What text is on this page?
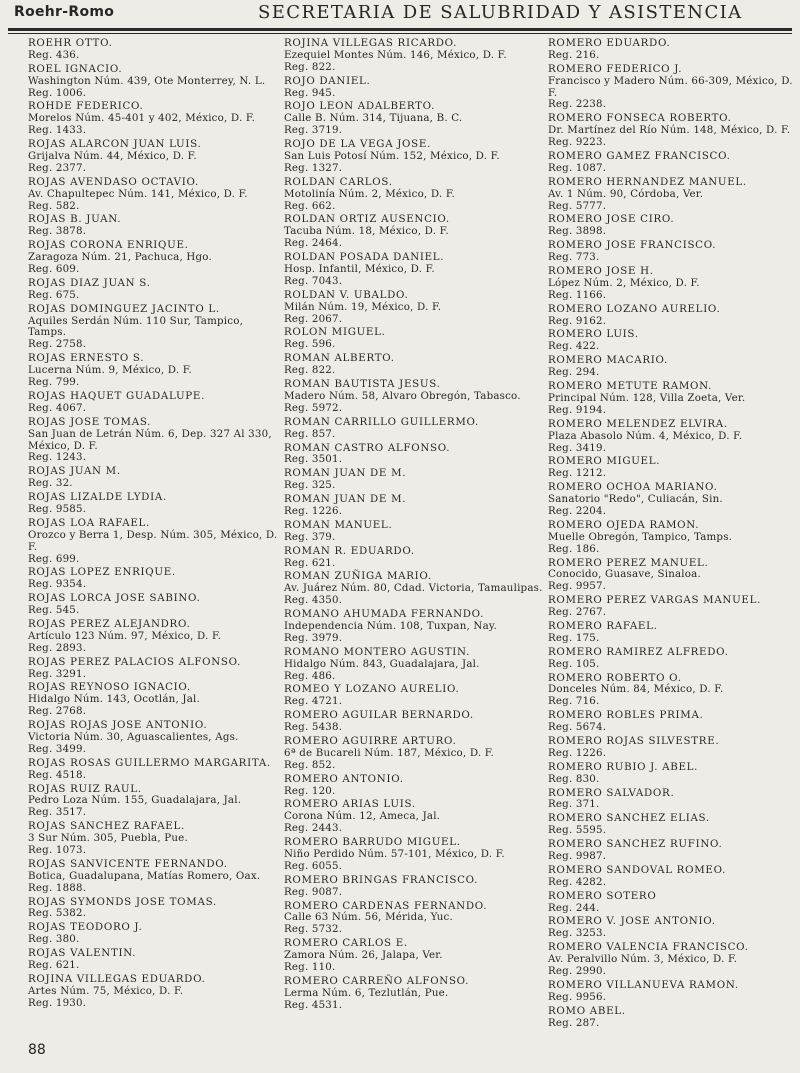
Roehr-Romo	SECRETARIA DE SALUBRIDAD Y ASISTENCIA
ROEHR OTTO.
Reg. 436.
ROEL IGNACIO.
Washington Núm. 439, Ote Monterrey, N. L.
Reg. 1006.
ROHDE FEDERICO.
Morelos Núm. 45-401 y 402, México, D. F.
Reg. 1433.
ROJAS ALARCON JUAN LUIS.
Grijalva Núm. 44, México, D. F.
Reg. 2377.
ROJAS AVENDASO OCTAVIO.
Av. Chapultepec Núm. 141, México, D. F.
Reg. 582.
ROJAS B. JUAN.
Reg. 3878.
ROJAS CORONA ENRIQUE.
Zaragoza Núm. 21, Pachuca, Hgo.
Reg. 609.
ROJAS DIAZ JUAN S.
Reg. 675.
ROJAS DOMINGUEZ JACINTO L.
Aquiles Serdán Núm. 110 Sur, Tampico, Tamps.
Reg. 2758.
ROJAS ERNESTO S.
Lucerna Núm. 9, México, D. F.
Reg. 799.
ROJAS HAQUET GUADALUPE.
Reg. 4067.
ROJAS JOSE TOMAS.
San Juan de Letrán Núm. 6, Dep. 327 Al 330, México, D. F.
Reg. 1243.
ROJAS JUAN M.
Reg. 32.
ROJAS LIZALDE LYDIA.
Reg. 9585.
ROJAS LOA RAFAEL.
Orozco y Berra 1, Desp. Núm. 305, México, D. F.
Reg. 699.
ROJAS LOPEZ ENRIQUE.
Reg. 9354.
ROJAS LORCA JOSE SABINO.
Reg. 545.
ROJAS PEREZ ALEJANDRO.
Artículo 123 Núm. 97, México, D. F.
Reg. 2893.
ROJAS PEREZ PALACIOS ALFONSO.
Reg. 3291.
ROJAS REYNOSO IGNACIO.
Hidalgo Núm. 143, Ocotlán, Jal.
Reg. 2768.
ROJAS ROJAS JOSE ANTONIO.
Victoria Núm. 30, Aguascalientes, Ags.
Reg. 3499.
ROJAS ROSAS GUILLERMO MARGARITA.
Reg. 4518.
ROJAS RUIZ RAUL.
Pedro Loza Núm. 155, Guadalajara, Jal.
Reg. 3517.
ROJAS SANCHEZ RAFAEL.
3 Sur Núm. 305, Puebla, Pue.
Reg. 1073.
ROJAS SANVICENTE FERNANDO.
Botica, Guadalupana, Matías Romero, Oax.
Reg. 1888.
ROJAS SYMONDS JOSE TOMAS.
Reg. 5382.
ROJAS TEODORO J.
Reg. 380.
ROJAS VALENTIN.
Reg. 621.
ROJINA VILLEGAS EDUARDO.
Artes Núm. 75, México, D. F.
Reg. 1930.
ROJINA VILLEGAS RICARDO.
Ezequiel Montes Núm. 146, México, D. F.
Reg. 822.
ROJO DANIEL.
Reg. 945.
ROJO LEON ADALBERTO.
Calle B. Núm. 314, Tijuana, B. C.
Reg. 3719.
ROJO DE LA VEGA JOSE.
San Luis Potosí Núm. 152, México, D. F.
Reg. 1327.
ROLDAN CARLOS.
Motolinía Núm. 2, México, D. F.
Reg. 662.
ROLDAN ORTIZ AUSENCIO.
Tacuba Núm. 18, México, D. F.
Reg. 2464.
ROLDAN POSADA DANIEL.
Hosp. Infantil, México, D. F.
Reg. 7043.
ROLDAN V. UBALDO.
Milán Núm. 19, México, D. F.
Reg. 2067.
ROLON MIGUEL.
Reg. 596.
ROMAN ALBERTO.
Reg. 822.
ROMAN BAUTISTA JESUS.
Madero Núm. 58, Alvaro Obregón, Tabasco.
Reg. 5972.
ROMAN CARRILLO GUILLERMO.
Reg. 857.
ROMAN CASTRO ALFONSO.
Reg. 3501.
ROMAN JUAN DE M.
Reg. 325.
ROMAN JUAN DE M.
Reg. 1226.
ROMAN MANUEL.
Reg. 379.
ROMAN R. EDUARDO.
Reg. 621.
ROMAN ZUÑIGA MARIO.
Av. Juárez Núm. 80, Cdad. Victoria, Tamaulipas.
Reg. 4350.
ROMANO AHUMADA FERNANDO.
Independencia Núm. 108, Tuxpan, Nay.
Reg. 3979.
ROMANO MONTERO AGUSTIN.
Hidalgo Núm. 843, Guadalajara, Jal.
Reg. 486.
ROMEO Y LOZANO AURELIO.
Reg. 4721.
ROMERO AGUILAR BERNARDO.
Reg. 5438.
ROMERO AGUIRRE ARTURO.
6ª de Bucareli Núm. 187, México, D. F.
Reg. 852.
ROMERO ANTONIO.
Reg. 120.
ROMERO ARIAS LUIS.
Corona Núm. 12, Ameca, Jal.
Reg. 2443.
ROMERO BARRUDO MIGUEL.
Niño Perdido Núm. 57-101, México, D. F.
Reg. 6055.
ROMERO BRINGAS FRANCISCO.
Reg. 9087.
ROMERO CARDENAS FERNANDO.
Calle 63 Núm. 56, Mérida, Yuc.
Reg. 5732.
ROMERO CARLOS E.
Zamora Núm. 26, Jalapa, Ver.
Reg. 110.
ROMERO CARREÑO ALFONSO.
Lerma Núm. 6, Tezlutlán, Pue.
Reg. 4531.
ROMERO EDUARDO.
Reg. 216.
ROMERO FEDERICO J.
Francisco y Madero Núm. 66-309, México, D. F.
Reg. 2238.
ROMERO FONSECA ROBERTO.
Dr. Martínez del Río Núm. 148, México, D. F.
Reg. 9223.
ROMERO GAMEZ FRANCISCO.
Reg. 1087.
ROMERO HERNANDEZ MANUEL.
Av. 1 Núm. 90, Córdoba, Ver.
Reg. 5777.
ROMERO JOSE CIRO.
Reg. 3898.
ROMERO JOSE FRANCISCO.
Reg. 773.
ROMERO JOSE H.
López Núm. 2, México, D. F.
Reg. 1166.
ROMERO LOZANO AURELIO.
Reg. 9162.
ROMERO LUIS.
Reg. 422.
ROMERO MACARIO.
Reg. 294.
ROMERO METUTE RAMON.
Principal Núm. 128, Villa Zoeta, Ver.
Reg. 9194.
ROMERO MELENDEZ ELVIRA.
Plaza Abasolo Núm. 4, México, D. F.
Reg. 3419.
ROMERO MIGUEL.
Reg. 1212.
ROMERO OCHOA MARIANO.
Sanatorio "Redo", Culiacán, Sin.
Reg. 2204.
ROMERO OJEDA RAMON.
Muelle Obregón, Tampico, Tamps.
Reg. 186.
ROMERO PEREZ MANUEL.
Conocido, Guasave, Sinaloa.
Reg. 9957.
ROMERO PEREZ VARGAS MANUEL.
Reg. 2767.
ROMERO RAFAEL.
Reg. 175.
ROMERO RAMIREZ ALFREDO.
Reg. 105.
ROMERO ROBERTO O.
Donceles Núm. 84, México, D. F.
Reg. 716.
ROMERO ROBLES PRIMA.
Reg. 5674.
ROMERO ROJAS SILVESTRE.
Reg. 1226.
ROMERO RUBIO J. ABEL.
Reg. 830.
ROMERO SALVADOR.
Reg. 371.
ROMERO SANCHEZ ELIAS.
Reg. 5595.
ROMERO SANCHEZ RUFINO.
Reg. 9987.
ROMERO SANDOVAL ROMEO.
Reg. 4282.
ROMERO SOTERO
Reg. 244.
ROMERO V. JOSE ANTONIO.
Reg. 3253.
ROMERO VALENCIA FRANCISCO.
Av. Peralvillo Núm. 3, México, D. F.
Reg. 2990.
ROMERO VILLANUEVA RAMON.
Reg. 9956.
ROMO ABEL.
Reg. 287.
88
